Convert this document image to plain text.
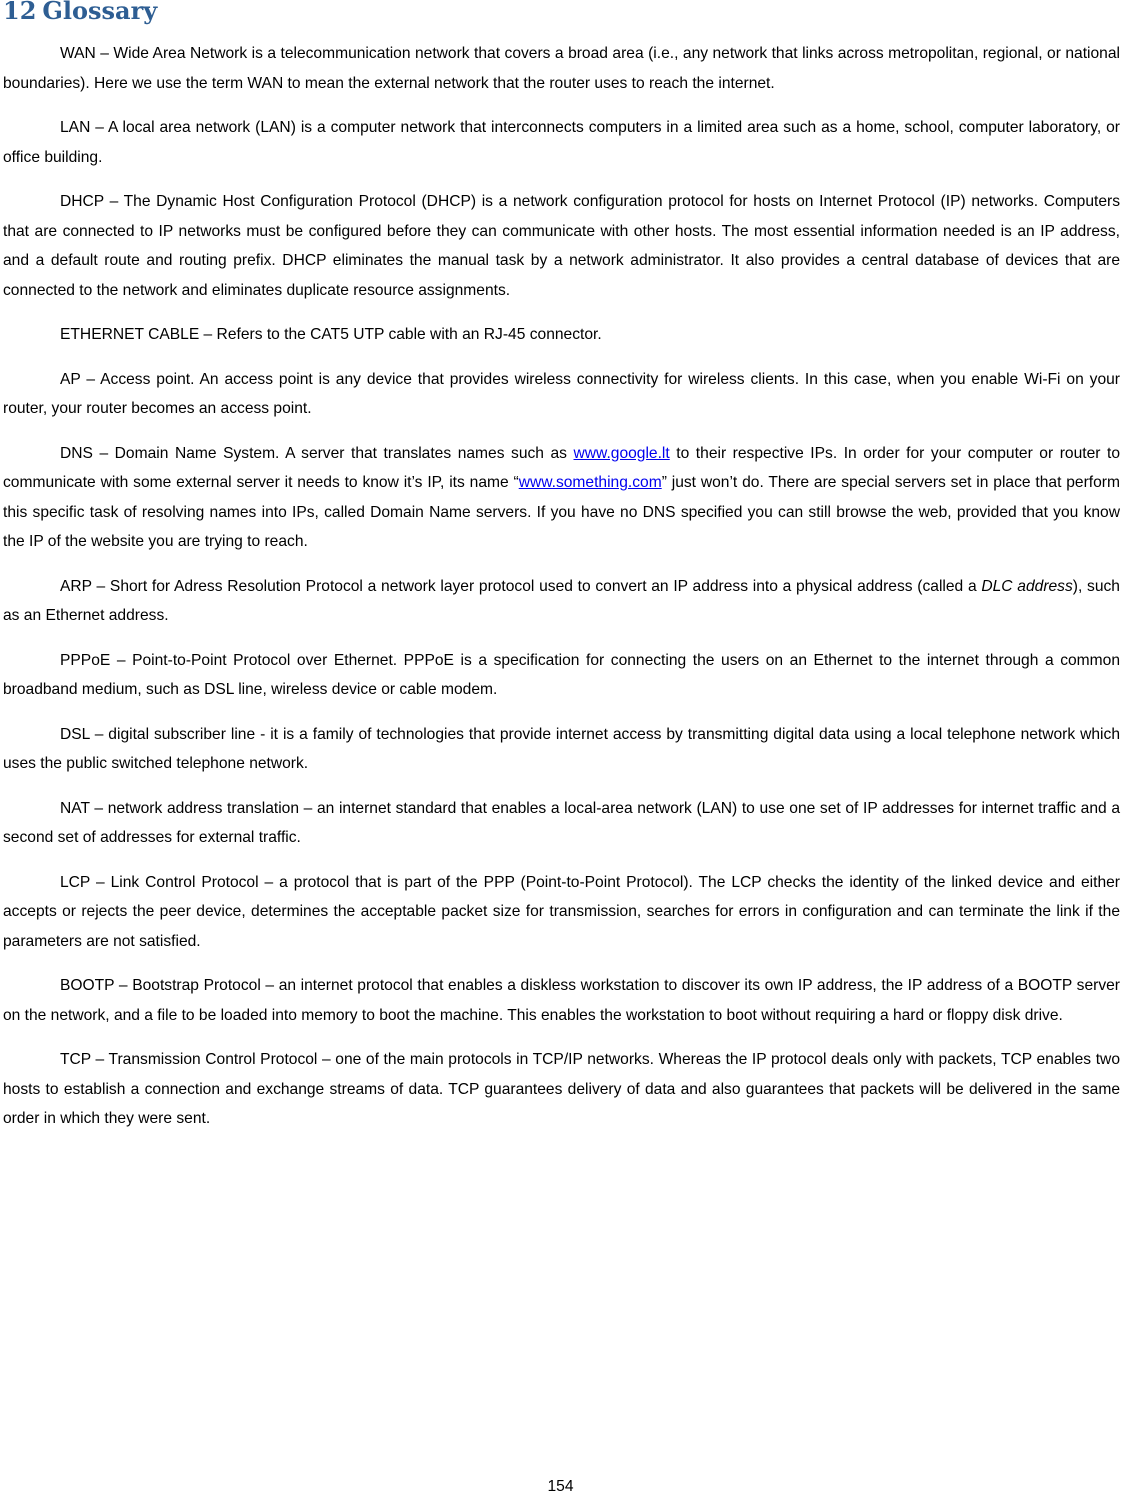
12 Glossary

WAN – Wide Area Network is a telecommunication network that covers a broad area (i.e., any network that links across metropolitan, regional, or national boundaries). Here we use the term WAN to mean the external network that the router uses to reach the internet.

LAN – A local area network (LAN) is a computer network that interconnects computers in a limited area such as a home, school, computer laboratory, or office building.

DHCP – The Dynamic Host Configuration Protocol (DHCP) is a network configuration protocol for hosts on Internet Protocol (IP) networks. Computers that are connected to IP networks must be configured before they can communicate with other hosts. The most essential information needed is an IP address, and a default route and routing prefix. DHCP eliminates the manual task by a network administrator. It also provides a central database of devices that are connected to the network and eliminates duplicate resource assignments.

ETHERNET CABLE – Refers to the CAT5 UTP cable with an RJ-45 connector.

AP – Access point. An access point is any device that provides wireless connectivity for wireless clients. In this case, when you enable Wi-Fi on your router, your router becomes an access point.

DNS – Domain Name System. A server that translates names such as www.google.lt to their respective IPs. In order for your computer or router to communicate with some external server it needs to know it’s IP, its name “www.something.com” just won’t do. There are special servers set in place that perform this specific task of resolving names into IPs, called Domain Name servers. If you have no DNS specified you can still browse the web, provided that you know the IP of the website you are trying to reach.

ARP – Short for Adress Resolution Protocol a network layer protocol used to convert an IP address into a physical address (called a DLC address), such as an Ethernet address.

PPPoE – Point-to-Point Protocol over Ethernet. PPPoE is a specification for connecting the users on an Ethernet to the internet through a common broadband medium, such as DSL line, wireless device or cable modem.

DSL – digital subscriber line - it is a family of technologies that provide internet access by transmitting digital data using a local telephone network which uses the public switched telephone network.

NAT – network address translation – an internet standard that enables a local-area network (LAN) to use one set of IP addresses for internet traffic and a second set of addresses for external traffic.

LCP – Link Control Protocol – a protocol that is part of the PPP (Point-to-Point Protocol). The LCP checks the identity of the linked device and either accepts or rejects the peer device, determines the acceptable packet size for transmission, searches for errors in configuration and can terminate the link if the parameters are not satisfied.

BOOTP – Bootstrap Protocol – an internet protocol that enables a diskless workstation to discover its own IP address, the IP address of a BOOTP server on the network, and a file to be loaded into memory to boot the machine. This enables the workstation to boot without requiring a hard or floppy disk drive.

TCP – Transmission Control Protocol – one of the main protocols in TCP/IP networks. Whereas the IP protocol deals only with packets, TCP enables two hosts to establish a connection and exchange streams of data. TCP guarantees delivery of data and also guarantees that packets will be delivered in the same order in which they were sent.

154
